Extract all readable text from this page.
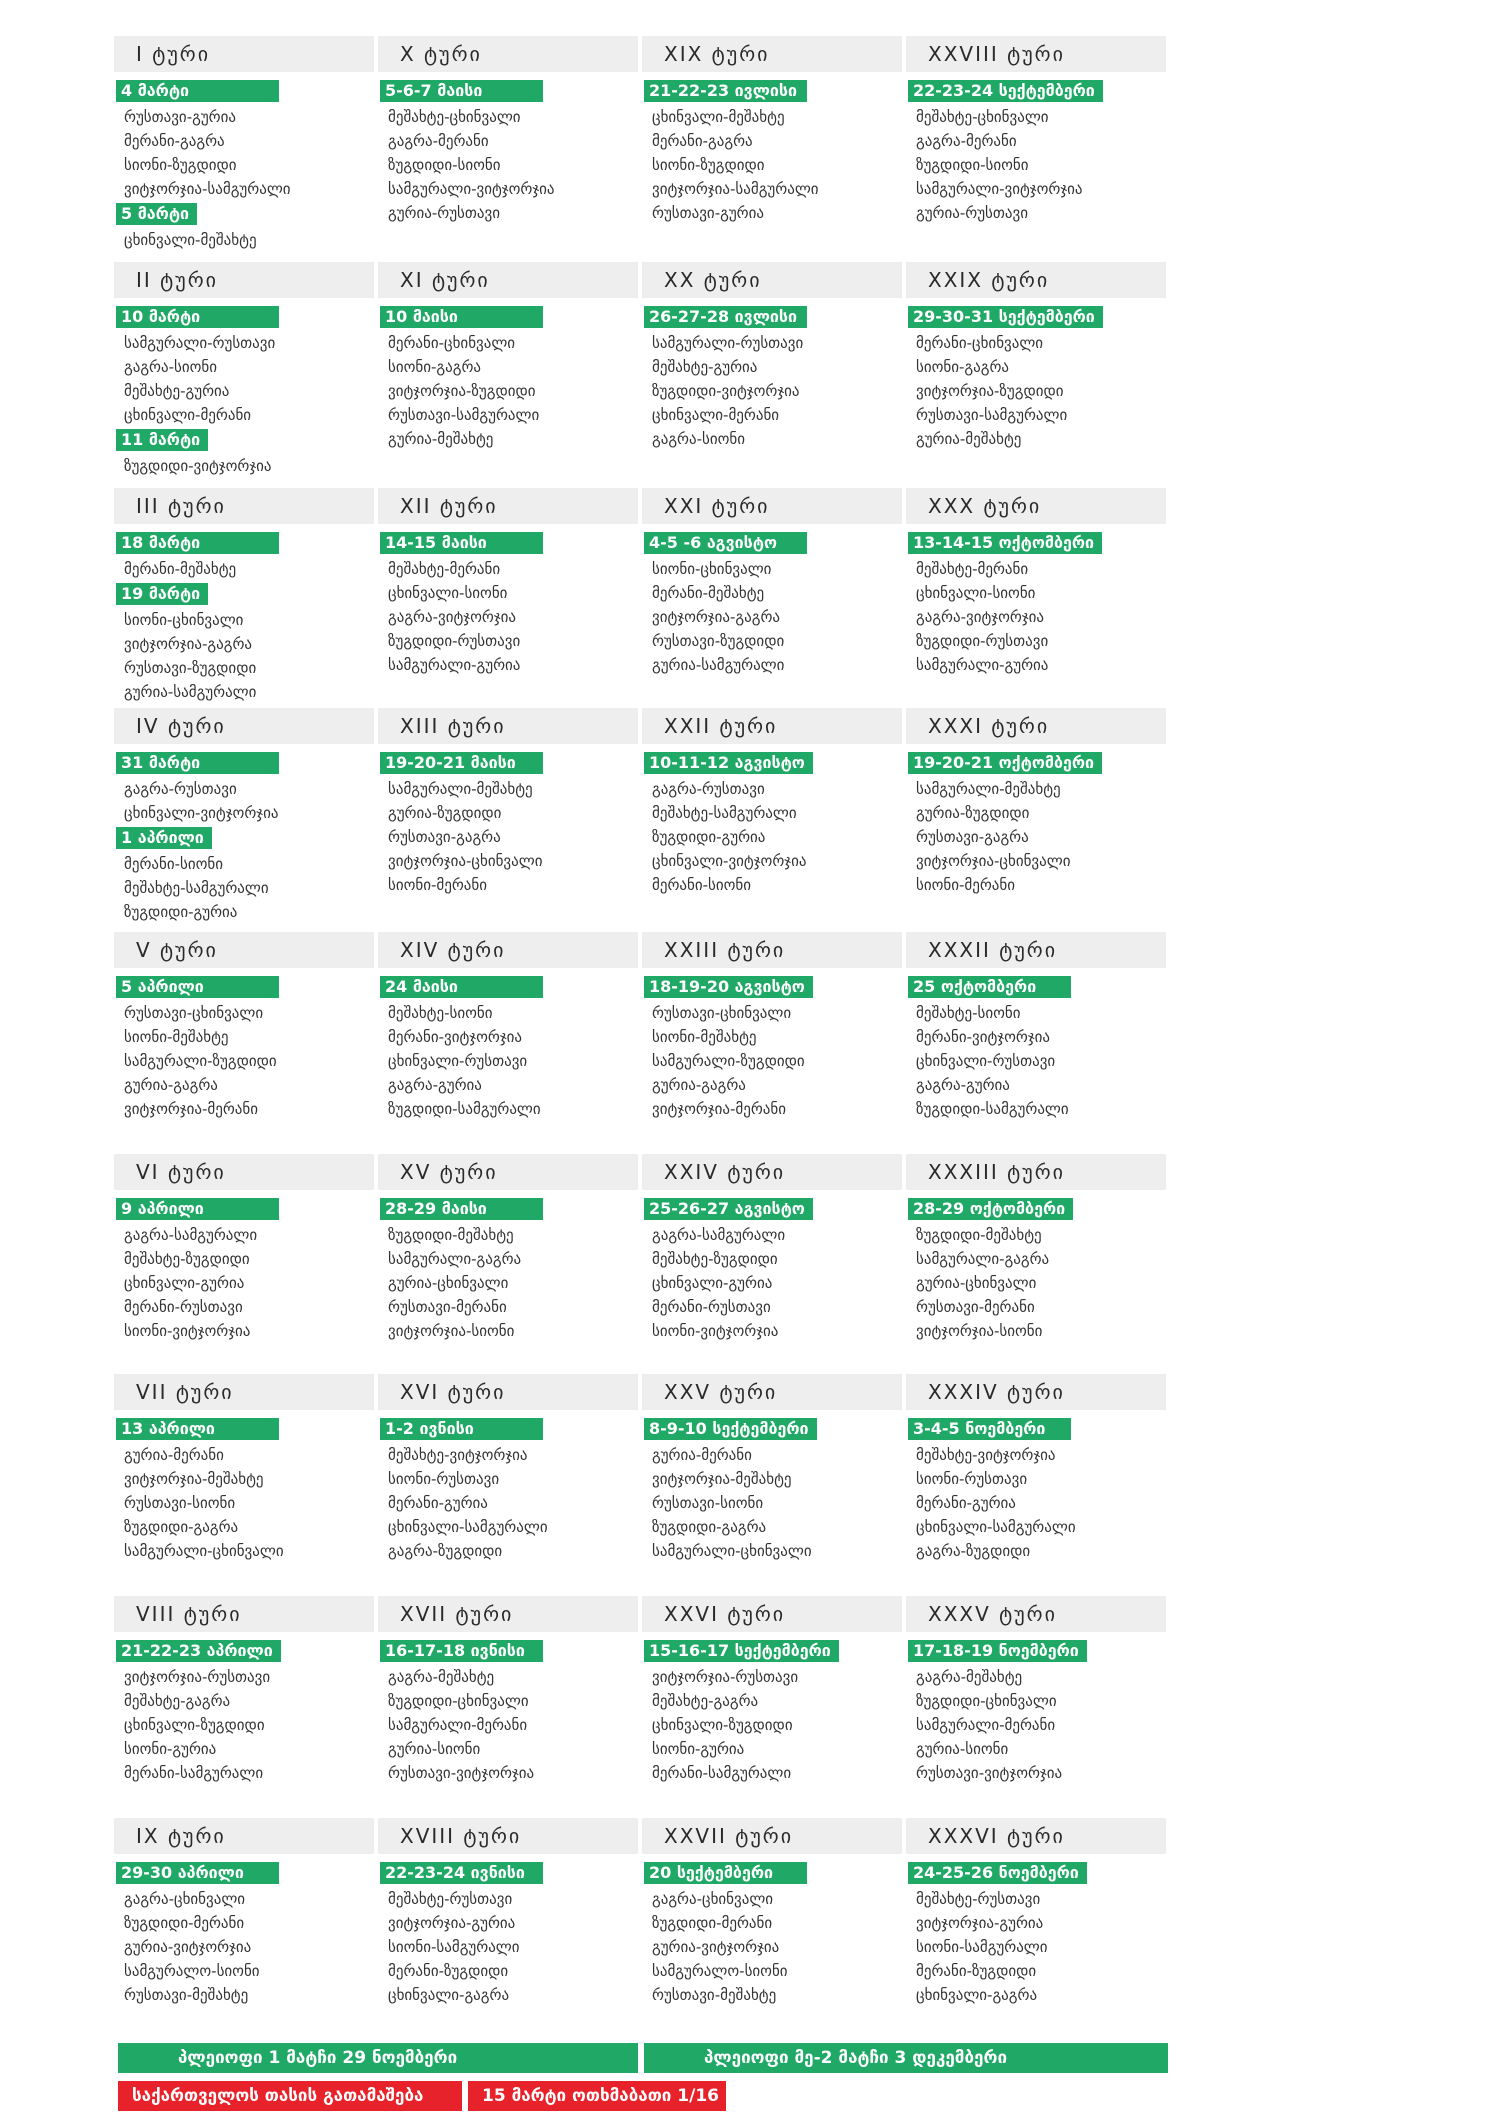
I ტური
4 მარტი
რუსთავი-გურია
მერანი-გაგრა
სიონი-ზუგდიდი
ვიტჯორჯია-სამგურალი
5 მარტი
ცხინვალი-მეშახტე
X ტური
5-6-7 მაისი
მეშახტე-ცხინვალი
გაგრა-მერანი
ზუგდიდი-სიონი
სამგურალი-ვიტჯორჯია
გურია-რუსთავი
XIX ტური
21-22-23 ივლისი
ცხინვალი-მეშახტე
მერანი-გაგრა
სიონი-ზუგდიდი
ვიტჯორჯია-სამგურალი
რუსთავი-გურია
XXVIII ტური
22-23-24 სექტემბერი
მეშახტე-ცხინვალი
გაგრა-მერანი
ზუგდიდი-სიონი
სამგურალი-ვიტჯორჯია
გურია-რუსთავი
II ტური
10 მარტი
სამგურალი-რუსთავი
გაგრა-სიონი
მეშახტე-გურია
ცხინვალი-მერანი
11 მარტი
ზუგდიდი-ვიტჯორჯია
XI ტური
10 მაისი
მერანი-ცხინვალი
სიონი-გაგრა
ვიტჯორჯია-ზუგდიდი
რუსთავი-სამგურალი
გურია-მეშახტე
XX ტური
26-27-28 ივლისი
სამგურალი-რუსთავი
მეშახტე-გურია
ზუგდიდი-ვიტჯორჯია
ცხინვალი-მერანი
გაგრა-სიონი
XXIX ტური
29-30-31 სექტემბერი
მერანი-ცხინვალი
სიონი-გაგრა
ვიტჯორჯია-ზუგდიდი
რუსთავი-სამგურალი
გურია-მეშახტე
III ტური
18 მარტი
მერანი-მეშახტე
19 მარტი
სიონი-ცხინვალი
ვიტჯორჯია-გაგრა
რუსთავი-ზუგდიდი
გურია-სამგურალი
XII ტური
14-15 მაისი
მეშახტე-მერანი
ცხინვალი-სიონი
გაგრა-ვიტჯორჯია
ზუგდიდი-რუსთავი
სამგურალი-გურია
XXI ტური
4-5 -6 აგვისტო
სიონი-ცხინვალი
მერანი-მეშახტე
ვიტჯორჯია-გაგრა
რუსთავი-ზუგდიდი
გურია-სამგურალი
XXX ტური
13-14-15 ოქტომბერი
მეშახტე-მერანი
ცხინვალი-სიონი
გაგრა-ვიტჯორჯია
ზუგდიდი-რუსთავი
სამგურალი-გურია
IV ტური
31 მარტი
გაგრა-რუსთავი
ცხინვალი-ვიტჯორჯია
1 აპრილი
მერანი-სიონი
მეშახტე-სამგურალი
ზუგდიდი-გურია
XIII ტური
19-20-21 მაისი
სამგურალი-მეშახტე
გურია-ზუგდიდი
რუსთავი-გაგრა
ვიტჯორჯია-ცხინვალი
სიონი-მერანი
XXII ტური
10-11-12 აგვისტო
გაგრა-რუსთავი
მეშახტე-სამგურალი
ზუგდიდი-გურია
ცხინვალი-ვიტჯორჯია
მერანი-სიონი
XXXI ტური
19-20-21 ოქტომბერი
სამგურალი-მეშახტე
გურია-ზუგდიდი
რუსთავი-გაგრა
ვიტჯორჯია-ცხინვალი
სიონი-მერანი
V ტური
5 აპრილი
რუსთავი-ცხინვალი
სიონი-მეშახტე
სამგურალი-ზუგდიდი
გურია-გაგრა
ვიტჯორჯია-მერანი
XIV ტური
24 მაისი
მეშახტე-სიონი
მერანი-ვიტჯორჯია
ცხინვალი-რუსთავი
გაგრა-გურია
ზუგდიდი-სამგურალი
XXIII ტური
18-19-20 აგვისტო
რუსთავი-ცხინვალი
სიონი-მეშახტე
სამგურალი-ზუგდიდი
გურია-გაგრა
ვიტჯორჯია-მერანი
XXXII ტური
25 ოქტომბერი
მეშახტე-სიონი
მერანი-ვიტჯორჯია
ცხინვალი-რუსთავი
გაგრა-გურია
ზუგდიდი-სამგურალი
VI ტური
9 აპრილი
გაგრა-სამგურალი
მეშახტე-ზუგდიდი
ცხინვალი-გურია
მერანი-რუსთავი
სიონი-ვიტჯორჯია
XV ტური
28-29 მაისი
ზუგდიდი-მეშახტე
სამგურალი-გაგრა
გურია-ცხინვალი
რუსთავი-მერანი
ვიტჯორჯია-სიონი
XXIV ტური
25-26-27 აგვისტო
გაგრა-სამგურალი
მეშახტე-ზუგდიდი
ცხინვალი-გურია
მერანი-რუსთავი
სიონი-ვიტჯორჯია
XXXIII ტური
28-29 ოქტომბერი
ზუგდიდი-მეშახტე
სამგურალი-გაგრა
გურია-ცხინვალი
რუსთავი-მერანი
ვიტჯორჯია-სიონი
VII ტური
13 აპრილი
გურია-მერანი
ვიტჯორჯია-მეშახტე
რუსთავი-სიონი
ზუგდიდი-გაგრა
სამგურალი-ცხინვალი
XVI ტური
1-2 ივნისი
მეშახტე-ვიტჯორჯია
სიონი-რუსთავი
მერანი-გურია
ცხინვალი-სამგურალი
გაგრა-ზუგდიდი
XXV ტური
8-9-10 სექტემბერი
გურია-მერანი
ვიტჯორჯია-მეშახტე
რუსთავი-სიონი
ზუგდიდი-გაგრა
სამგურალი-ცხინვალი
XXXIV ტური
3-4-5 ნოემბერი
მეშახტე-ვიტჯორჯია
სიონი-რუსთავი
მერანი-გურია
ცხინვალი-სამგურალი
გაგრა-ზუგდიდი
VIII ტური
21-22-23 აპრილი
ვიტჯორჯია-რუსთავი
მეშახტე-გაგრა
ცხინვალი-ზუგდიდი
სიონი-გურია
მერანი-სამგურალი
XVII ტური
16-17-18 ივნისი
გაგრა-მეშახტე
ზუგდიდი-ცხინვალი
სამგურალი-მერანი
გურია-სიონი
რუსთავი-ვიტჯორჯია
XXVI ტური
15-16-17 სექტემბერი
ვიტჯორჯია-რუსთავი
მეშახტე-გაგრა
ცხინვალი-ზუგდიდი
სიონი-გურია
მერანი-სამგურალი
XXXV ტური
17-18-19 ნოემბერი
გაგრა-მეშახტე
ზუგდიდი-ცხინვალი
სამგურალი-მერანი
გურია-სიონი
რუსთავი-ვიტჯორჯია
IX ტური
29-30 აპრილი
გაგრა-ცხინვალი
ზუგდიდი-მერანი
გურია-ვიტჯორჯია
სამგურალო-სიონი
რუსთავი-მეშახტე
XVIII ტური
22-23-24 ივნისი
მეშახტე-რუსთავი
ვიტჯორჯია-გურია
სიონი-სამგურალი
მერანი-ზუგდიდი
ცხინვალი-გაგრა
XXVII ტური
20 სექტემბერი
გაგრა-ცხინვალი
ზუგდიდი-მერანი
გურია-ვიტჯორჯია
სამგურალო-სიონი
რუსთავი-მეშახტე
XXXVI ტური
24-25-26 ნოემბერი
მეშახტე-რუსთავი
ვიტჯორჯია-გურია
სიონი-სამგურალი
მერანი-ზუგდიდი
ცხინვალი-გაგრა
პლეიოფი 1 მატჩი 29 ნოემბერი	პლეიოფი მე-2 მატჩი 3 დეკემბერი
საქართველოს თასის გათამაშება	15 მარტი ოთხმაბათი 1/16
